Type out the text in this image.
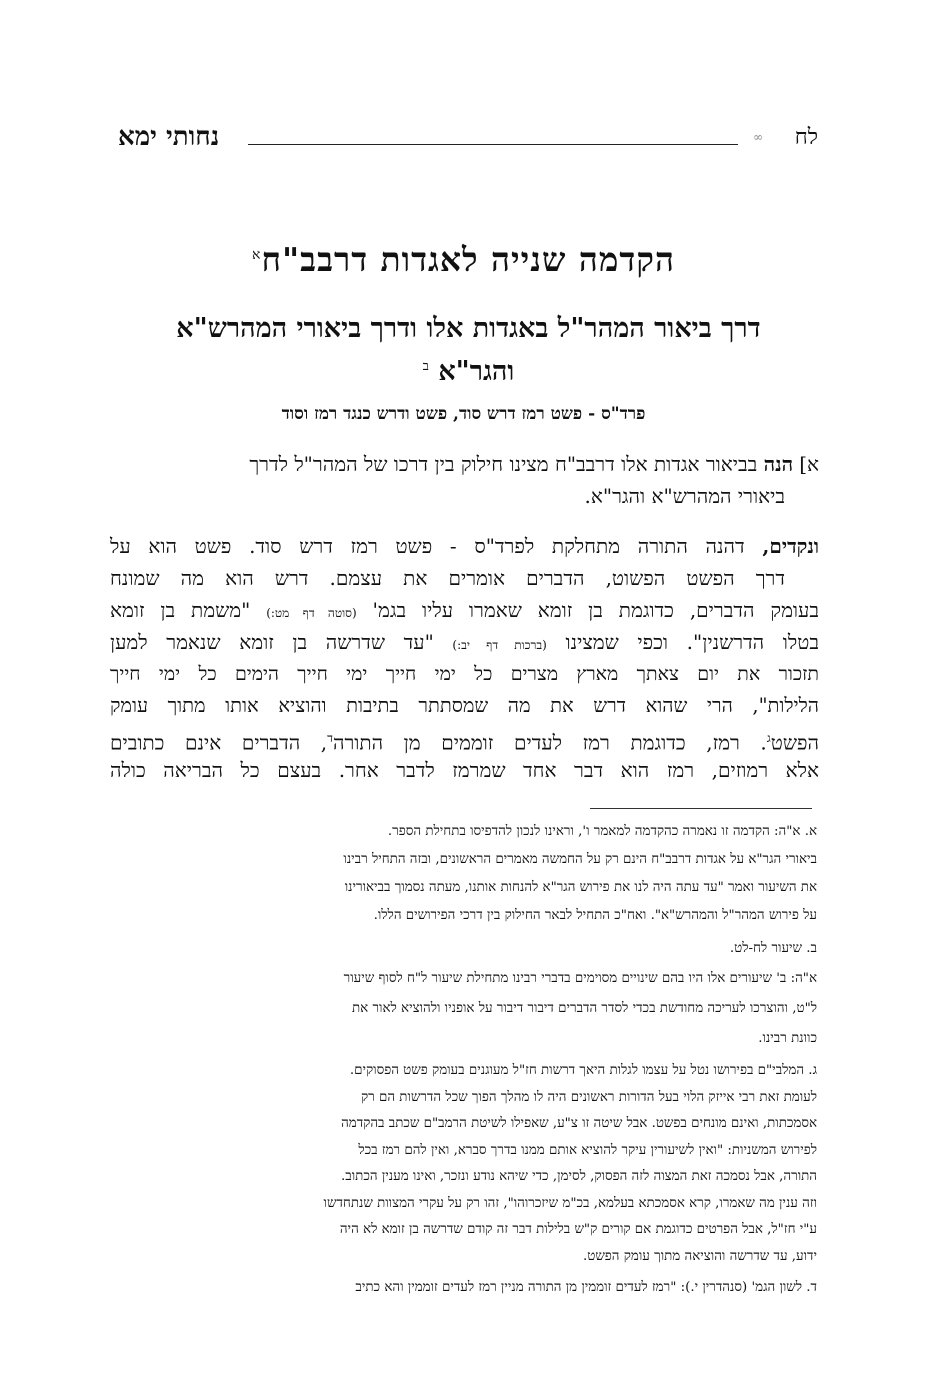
לח
∞
נחותי ימא
הקדמה שנייה לאגדות דרבב"ח$^א$
דרך ביאור המהר"ל באגדות אלו ודרך ביאורי המהרש"א
והגר"א $^ב$
פרד"ס - פשט רמז דרש סוד, פשט ודרש כנגד רמז וסוד
א]הנה בביאור אגדות אלו דרבב"ח מצינו חילוק בין דרכו של המהר"ל לדרך
ביאורי המהרש"א והגר"א.
ונקדים, דהנה התורה מתחלקת לפרד"ס - פשט רמז דרש סוד. פשט הוא על
דרך הפשט הפשוט, הדברים אומרים את עצמם. דרש הוא מה שמונח
בעומק הדברים, כדוגמת בן זומא שאמרו עליו בגמ' (סוטה דף מט:) "משמת בן זומא
בטלו הדרשנין". וכפי שמצינו (ברכות דף יב:) "עד שדרשה בן זומא שנאמר למען
תזכור את יום צאתך מארץ מצרים כל ימי חייך ימי חייך הימים כל ימי חייך
הלילות", הרי שהוא דרש את מה שמסתתר בתיבות והוציא אותו מתוך עומק
הפשט$^ג$. רמז, כדוגמת רמז לעדים זוממים מן התורה$^ד$, הדברים אינם כתובים
אלא רמוזים, רמז הוא דבר אחד שמרמז לדבר אחר. בעצם כל הבריאה כולה
א. א"ה: הקדמה זו נאמרה כהקדמה למאמר ו', וראינו לנכון להדפיסו בתחילת הספר.
ביאורי הגר"א על אגדות דרבב"ח הינם רק על החמשה מאמרים הראשונים, ובזה התחיל רבינו
את השיעור ואמר "עד עתה היה לנו את פירוש הגר"א להנחות אותנו, מעתה נסמוך בביאורינו
על פירוש המהר"ל והמהרש"א". ואח"כ התחיל לבאר החילוק בין דרכי הפירושים הללו.
ב. שיעור לח-לט.
א"ה: ב' שיעורים אלו היו בהם שינויים מסוימים בדברי רבינו מתחילת שיעור ל"ח לסוף שיעור
ל"ט, והוצרכו לעריכה מחודשת בכדי לסדר הדברים דיבור דיבור על אופניו ולהוציא לאור את
כוונת רבינו.
ג. המלבי"ם בפירושו נטל על עצמו לגלות היאך דרשות חז"ל מעוגנים בעומק פשט הפסוקים.
לעומת זאת רבי אייזק הלוי בעל הדורות ראשונים היה לו מהלך הפוך שכל הדרשות הם רק
אסמכתות, ואינם מונחים בפשט. אבל שיטה זו צ"ע, שאפילו לשיטת הרמב"ם שכתב בהקדמה
לפירוש המשניות: "ואין לשיעורין עיקר להוציא אותם ממנו בדרך סברא, ואין להם רמז בכל
התורה, אבל נסמכה זאת המצוה לזה הפסוק, לסימן, כדי שיהא נודע ונזכר, ואינו מענין הכתוב.
וזה ענין מה שאמרו, קרא אסמכתא בעלמא, בכ"מ שיזכרוהו", זהו רק על עקרי המצוות שנתחדשו
ע"י חז"ל, אבל הפרטים כדוגמת אם קורים ק"ש בלילות דבר זה קודם שדרשה בן זומא לא היה
ידוע, עד שדרשה והוציאה מתוך עומק הפשט.
ד. לשון הגמ' (סנהדרין י.): "רמז לעדים זוממין מן התורה מניין רמז לעדים זוממין והא כתיב
